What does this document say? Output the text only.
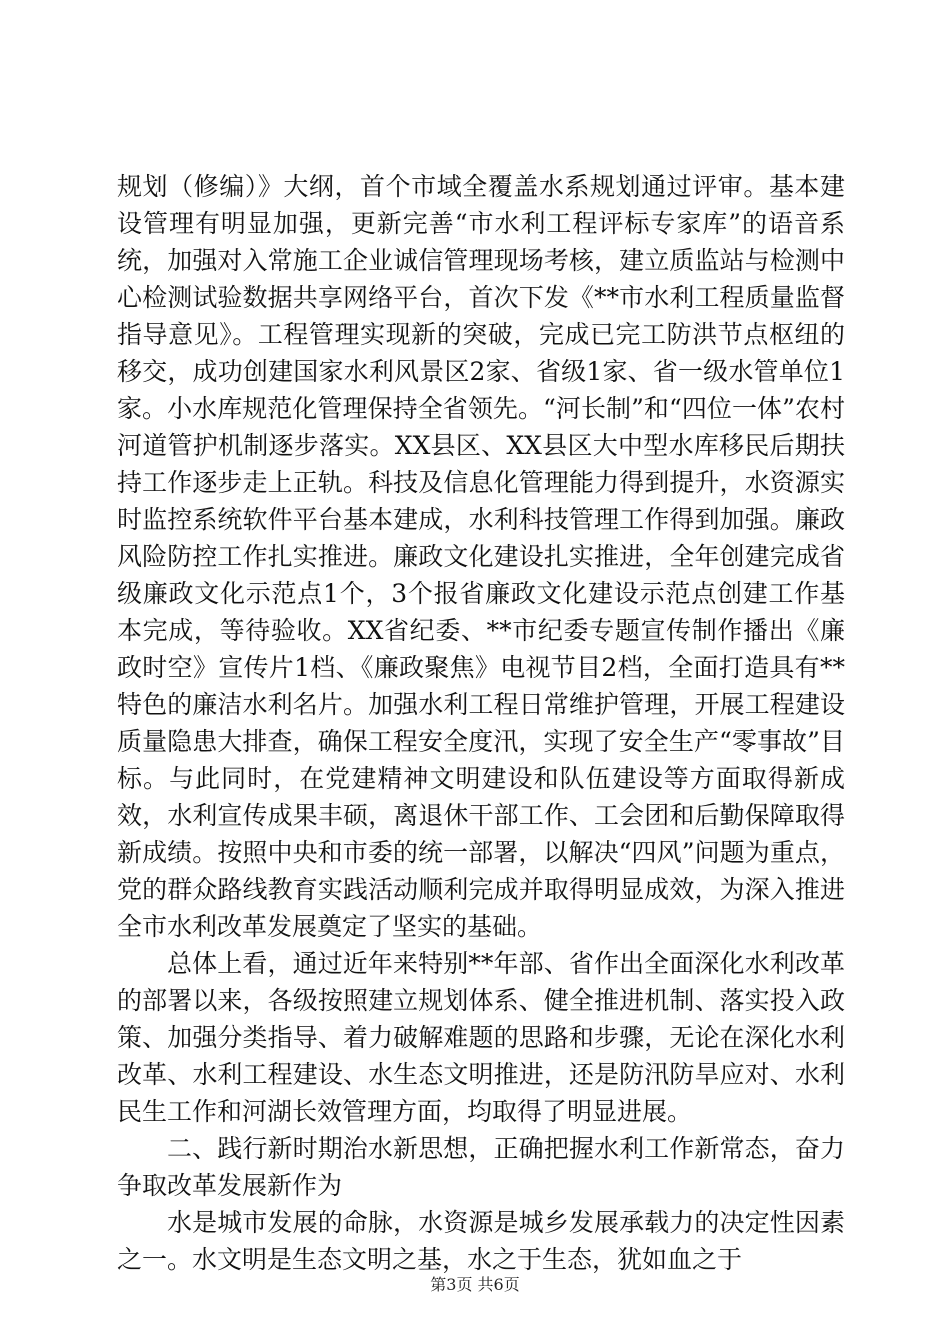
规划（修编）》大纲，首个市域全覆盖水系规划通过评审。基本建设管理有明显加强，更新完善“市水利工程评标专家库”的语音系统，加强对入常施工企业诚信管理现场考核，建立质监站与检测中心检测试验数据共享网络平台，首次下发《**市水利工程质量监督指导意见》。工程管理实现新的突破，完成已完工防洪节点枢纽的移交，成功创建国家水利风景区2家、省级1家、省一级水管单位1家。小水库规范化管理保持全省领先。“河长制”和“四位一体”农村河道管护机制逐步落实。XX县区、XX县区大中型水库移民后期扶持工作逐步走上正轨。科技及信息化管理能力得到提升，水资源实时监控系统软件平台基本建成，水利科技管理工作得到加强。廉政风险防控工作扎实推进。廉政文化建设扎实推进，全年创建完成省级廉政文化示范点1个，3个报省廉政文化建设示范点创建工作基本完成，等待验收。XX省纪委、**市纪委专题宣传制作播出《廉政时空》宣传片1档、《廉政聚焦》电视节目2档，全面打造具有**特色的廉洁水利名片。加强水利工程日常维护管理，开展工程建设质量隐患大排查，确保工程安全度汛，实现了安全生产“零事故”目标。与此同时，在党建精神文明建设和队伍建设等方面取得新成效，水利宣传成果丰硕，离退休干部工作、工会团和后勤保障取得新成绩。按照中央和市委的统一部署，以解决“四风”问题为重点，党的群众路线教育实践活动顺利完成并取得明显成效，为深入推进全市水利改革发展奠定了坚实的基础。

总体上看，通过近年来特别**年部、省作出全面深化水利改革的部署以来，各级按照建立规划体系、健全推进机制、落实投入政策、加强分类指导、着力破解难题的思路和步骤，无论在深化水利改革、水利工程建设、水生态文明推进，还是防汛防旱应对、水利民生工作和河湖长效管理方面，均取得了明显进展。

二、践行新时期治水新思想，正确把握水利工作新常态，奋力争取改革发展新作为

水是城市发展的命脉，水资源是城乡发展承载力的决定性因素之一。水文明是生态文明之基，水之于生态，犹如血之于

第3页 共6页
